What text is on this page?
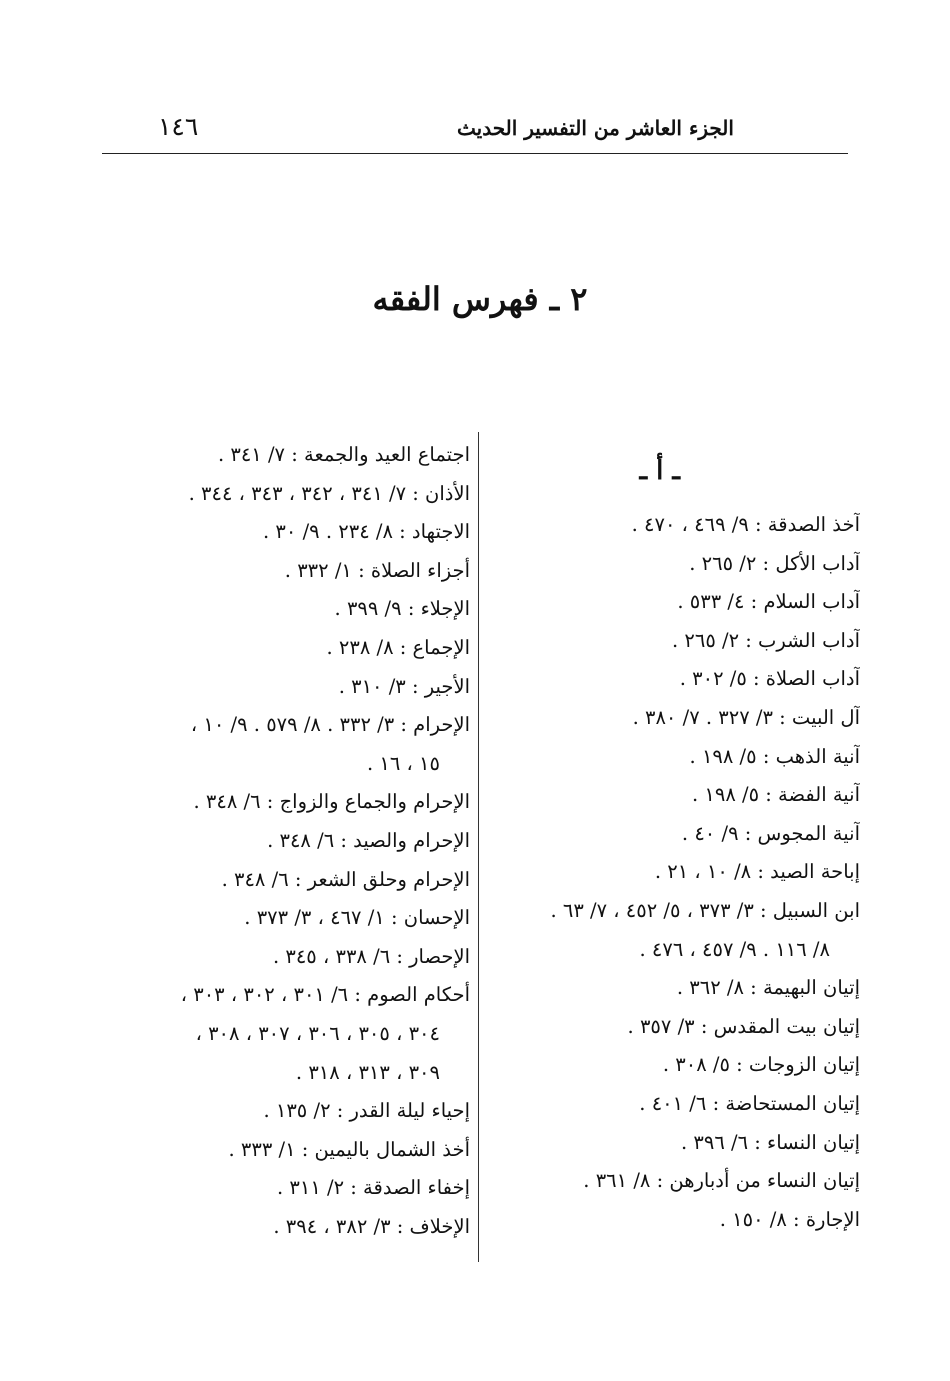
١٤٦	الجزء العاشر من التفسير الحديث
٢ ـ فهرس الفقه
ـ أ ـ
آخذ الصدقة : ٩/ ٤٦٩ ، ٤٧٠ .
آداب الأكل : ٢/ ٢٦٥ .
آداب السلام : ٤/ ٥٣٣ .
آداب الشرب : ٢/ ٢٦٥ .
آداب الصلاة : ٥/ ٣٠٢ .
آل البيت : ٣/ ٣٢٧ . ٧/ ٣٨٠ .
آنية الذهب : ٥/ ١٩٨ .
آنية الفضة : ٥/ ١٩٨ .
آنية المجوس : ٩/ ٤٠ .
إباحة الصيد : ٨/ ١٠ ، ٢١ .
ابن السبيل : ٣/ ٣٧٣ ، ٥/ ٤٥٢ ، ٧/ ٦٣ .
٨/ ١١٦ . ٩/ ٤٥٧ ، ٤٧٦ .
إتيان البهيمة : ٨/ ٣٦٢ .
إتيان بيت المقدس : ٣/ ٣٥٧ .
إتيان الزوجات : ٥/ ٣٠٨ .
إتيان المستحاضة : ٦/ ٤٠١ .
إتيان النساء : ٦/ ٣٩٦ .
إتيان النساء من أدبارهن : ٨/ ٣٦١ .
الإجارة : ٨/ ١٥٠ .
اجتماع العيد والجمعة : ٧/ ٣٤١ .
الأذان : ٧/ ٣٤١ ، ٣٤٢ ، ٣٤٣ ، ٣٤٤ .
الاجتهاد : ٨/ ٢٣٤ . ٩/ ٣٠ .
أجزاء الصلاة : ١/ ٣٣٢ .
الإجلاء : ٩/ ٣٩٩ .
الإجماع : ٨/ ٢٣٨ .
الأجير : ٣/ ٣١٠ .
الإحرام : ٣/ ٣٣٢ . ٨/ ٥٧٩ . ٩/ ١٠ ،
١٥ ، ١٦ .
الإحرام والجماع والزواج : ٦/ ٣٤٨ .
الإحرام والصيد : ٦/ ٣٤٨ .
الإحرام وحلق الشعر : ٦/ ٣٤٨ .
الإحسان : ١/ ٤٦٧ ، ٣/ ٣٧٣ .
الإحصار : ٦/ ٣٣٨ ، ٣٤٥ .
أحكام الصوم : ٦/ ٣٠١ ، ٣٠٢ ، ٣٠٣ ،
٣٠٤ ، ٣٠٥ ، ٣٠٦ ، ٣٠٧ ، ٣٠٨ ،
٣٠٩ ، ٣١٣ ، ٣١٨ .
إحياء ليلة القدر : ٢/ ١٣٥ .
أخذ الشمال باليمين : ١/ ٣٣٣ .
إخفاء الصدقة : ٢/ ٣١١ .
الإخلاف : ٣/ ٣٨٢ ، ٣٩٤ .
